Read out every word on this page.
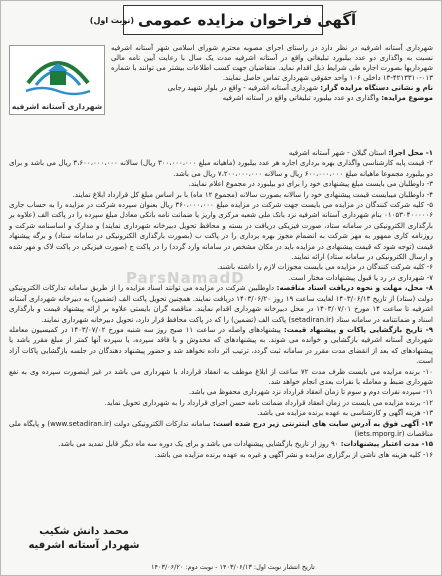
آگهی فراخوان مزایده عمومی
(نوبت اول)
شهرداری آستانه اشرفیه

شهرداری آستانه اشرفیه در نظر دارد در راستای اجرای مصوبه محترم شورای اسلامی شهر آستانه اشرفیه نسبت به واگذاری دو عدد بیلبورد تبلیغاتی واقع در آستانه اشرفیه مدت یک سال با رعایت آیین نامه مالی شهرداریها بصورت اجاره طی شرایط ذیل اقدام نماید. متقاضیان جهت کسب اطلاعات بیشتر می توانند با شماره ۰۱۳-۴۲۱۳۳۱۰-۱۳ داخلی ۱۰۶ واحد حقوقی شهرداری تماس حاصل نمایند.

نام و نشانی دستگاه مزایده گزار: شهرداری آستانه اشرفیه - واقع در بلوار شهید رجایی

موضوع مزایده: واگذاری دو عدد بیلبورد تبلیغاتی واقع در آستانه اشرفیه

۱- محل اجرا: استان گیلان - شهر آستانه اشرفیه

۲- قیمت پایه کارشناسی واگذاری بهره برداری اجاره هر عدد بیلبورد (ماهیانه مبلغ ۳۰۰،۰۰۰،۰۰۰ ریال) سالانه ۳،۶۰۰،۰۰۰،۰۰۰ ریال می باشد و برای دو بیلبورد مجموعا ماهیانه مبلغ ۶۰۰،۰۰۰،۰۰۰ ریال و سالانه ۷،۲۰۰،۰۰۰،۰۰۰ ریال می باشد.

۳- داوطلبان می بایست مبلغ پیشنهادی خود را برای دو بیلبورد در مجموع اعلام نمایند.

۴- داوطلبان میبایست قیمت پیشنهادی خود را سالانه بصورت سالانه (مجموع ۱۲ ماه) با بر اساس مبلغ کل قرارداد ابلاغ نمایند.

۵- کلیه شرکت کنندگان در مزایده می بایست جهت شرکت در مزایده مبلغ ۳۶۰،۰۰۰،۰۰۰ ریال بعنوان سپرده شرکت در مزایده را به حساب جاری ۰۱۰۵۳۰۴۰۰۰۰۰۶ بنام شهرداری آستانه اشرفیه نزد بانک ملی شعبه مرکزی واریز یا ضمانت نامه بانکی معادل مبلغ سپرده را در پاکت الف (علاوه بر بارگذاری الکترونیکی در سامانه ستاد، صورت فیزیکی دریافت در بسته و محافظ تحویل دبیرخانه شهرداری نمایند) و مدارک و اساسنامه شرکت و روزنامه کاری ممهور به مهر شرکت به انضمام مجوز بهره برداری را در پاکت ب (بصورت بارگذاری الکترونیکی در سامانه ستاد) و برگه پیشنهاد قیمت (توجه شود که قیمت پیشنهادی در مزایده باید در مکان مشخص در سامانه وارد گردد) را در پاکت ج (صورت فیزیکی در پاکت لاک و مهر شده و ارسال الکترونیکی در سامانه ستاد) ارائه نمایند.

۶- کلیه شرکت کنندگان در مزایده می بایست مجوزات لازم را داشته باشند.

۷- شهرداری در رد یا قبول پیشنهادات مختار است.

۸- محل، مهلت و نحوه دریافت اسناد مناقصه: داوطلبین شرکت در مزایده می توانند اسناد مزایده را از طریق سامانه تدارکات الکترونیکی دولت (ستاد) از تاریخ ۱۴۰۳/۰۶/۱۳ لغایت ساعت ۱۹ روز ۱۴۰۳/۰۶/۲۰ دریافت نمایند. همچنین تحویل پاکت الف (تضمین) به دبیرخانه شهرداری آستانه اشرفیه تا ساعت ۱۴ مورخ ۱۴۰۳/۰۷/۰۱ در محل دبیرخانه شهرداری اقدام نمایند. مناقصه گران بایستی علاوه بر ارائه پیشنهاد قیمت و بارگذاری اسناد و ضمانتنامه در سامانه ستاد (setadiran.ir) پاکت الف (تضمین) را که در پاکت محافظ قرار دارد، تحویل دبیرخانه شهرداری نمایند.

۹- تاریخ بازگشایی پاکات و پیشنهاد قیمت: پیشنهادهای واصله در ساعت ۱۱ صبح روز سه شنبه مورخ ۱۴۰۳/۰۷/۰۲ در کمیسیون معامله شهرداری آستانه اشرفیه بازگشایی و خوانده می شوند. به پیشنهادهای که مخدوش و یا فاقد سپرده، یا سپرده آنها کمتر از مبلغ مقرر باشد یا پیشنهادهای که بعد از انقضای مدت مقرر در سامانه ثبت گردد، ترتیب اثر داده نخواهد شد و حضور پیشنهاد دهندگان در جلسه بازگشایی پاکات آزاد است.

۱۰- برنده مزایده می بایست ظرف مدت ۷۲ ساعت از ابلاغ موظف به انعقاد قرارداد با شهرداری می باشد در غیر اینصورت سپرده وی به نفع شهرداری ضبط و معامله با نفرات بعدی انجام خواهد شد.

۱۱- سپرده نفرات دوم و سوم تا زمان انعقاد قرارداد نزد شهرداری محفوظ می باشد.

۱۲- برنده مزایده می بایست در زمان انعقاد قرارداد ضمانت نامه حسن اجرای قرارداد را به شهرداری تحویل نماید.

۱۳- هزینه آگهی و کارشناسی به عهده برنده مزایده می باشد.

۱۴- آگهی فوق به آدرس سایت های اینترنتی زیر درج شده است: سامانه تدارکات الکترونیکی دولت (www.setadiran.ir) و پایگاه ملی مناقصات (iets.mporg.ir)

۱۵- مدت اعتبار پیشنهادات: ۹۰ روز از تاریخ بازگشایی پیشنهادات می باشد و برای یک دوره سه ماه دیگر قابل تمدید می باشد.

۱۶- کلیه هزینه های ناشی از برگزاری مزایده و نشر آگهی و غیره به عهده برنده مزایده می باشد.

ParsNamadD
محمد دانش شکیب
شهردار آستانه اشرفیه
تاریخ انتشار نوبت اول: ۱۴۰۳/۰۶/۱۳ - نوبت دوم: ۱۴۰۳/۰۶/۲۰
